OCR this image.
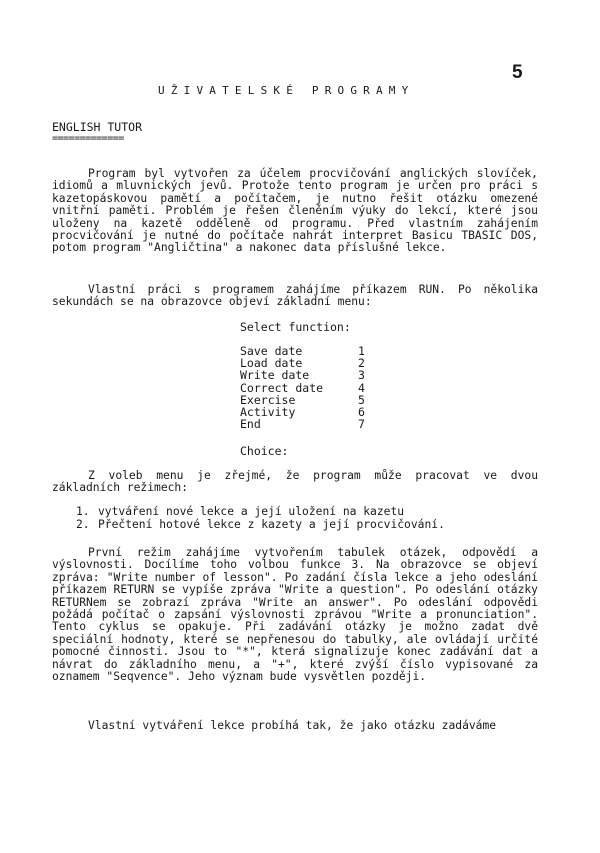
5
UŽIVATELSKÉ PROGRAMY
ENGLISH TUTOR
=============

Program byl vytvořen za účelem procvičování anglických slovíček, idiomů a mluvnických jevů. Protože tento program je určen pro práci s kazetopáskovou pamětí a počítačem, je nutno řešit otázku omezené vnitřní paměti. Problém je řešen členěním výuky do lekcí, které jsou uloženy na kazetě odděleně od programu. Před vlastním zahájením procvičování je nutné do počítače nahrát interpret Basicu TBASIC DOS, potom program "Angličtina" a nakonec data příslušné lekce.

Vlastní práci s programem zahájíme příkazem RUN. Po několika sekundách se na obrazovce objeví základní menu:

Select function:
Save date	1
Load date	2
Write date	3
Correct date	4
Exercise	5
Activity	6
End	7
Choice:

Z voleb menu je zřejmé, že program může pracovat ve dvou základních režimech:

1. vytváření nové lekce a její uložení na kazetu
2. Přečtení hotové lekce z kazety a její procvičování.

První režim zahájíme vytvořením tabulek otázek, odpovědí a výslovnosti. Docílíme toho volbou funkce 3. Na obrazovce se objeví zpráva: "Write number of lesson". Po zadání čísla lekce a jeho odeslání příkazem RETURN se vypíše zpráva "Write a question". Po odeslání otázky RETURNem se zobrazí zpráva "Write an answer". Po odeslání odpovědi požádá počítač o zapsání výslovnosti zprávou "Write a pronunciation". Tento cyklus se opakuje. Při zadávání otázky je možno zadat dvě speciální hodnoty, které se nepřenesou do tabulky, ale ovládají určité pomocné činnosti. Jsou to "*", která signalizuje konec zadávání dat a návrat do základního menu, a "+", které zvýší číslo vypisované za oznamem "Seqvence". Jeho význam bude vysvětlen později.

Vlastní vytváření lekce probíhá tak, že jako otázku zadáváme
